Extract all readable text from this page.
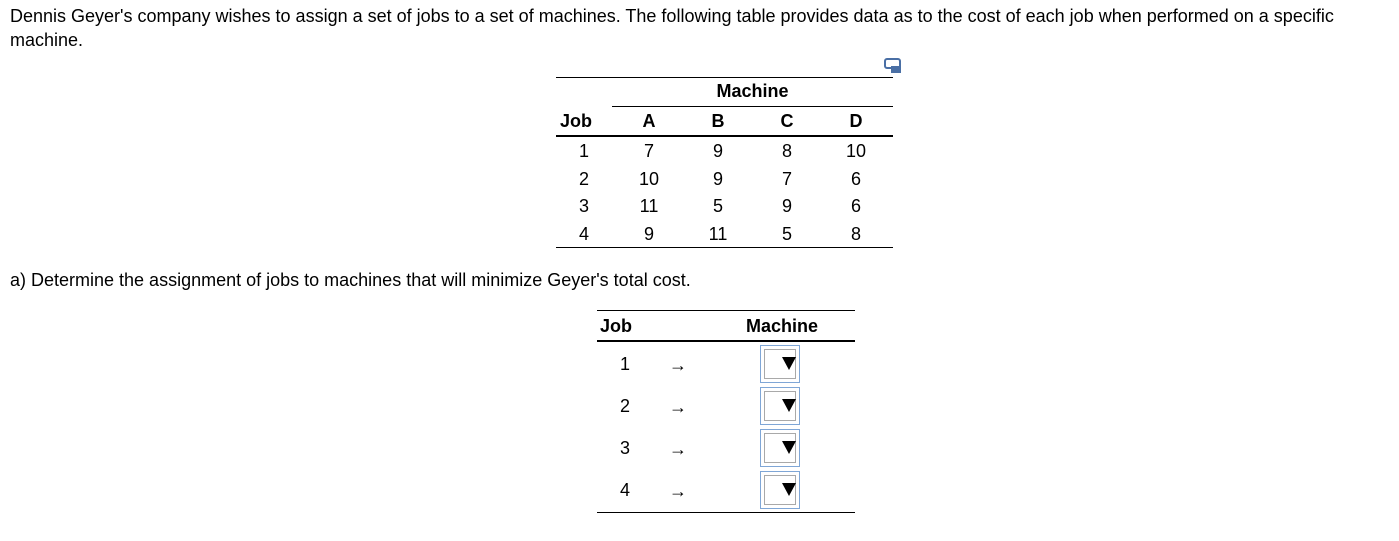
Dennis Geyer's company wishes to assign a set of jobs to a set of machines. The following table provides data as to the cost of each job when performed on a specific machine.
Machine
Job	A	B	C	D
1	7	9	8	10
2	10	9	7	6
3	11	5	9	6
4	9	11	5	8
a) Determine the assignment of jobs to machines that will minimize Geyer's total cost.
Job	Machine
1	→
2	→
3	→
4	→
